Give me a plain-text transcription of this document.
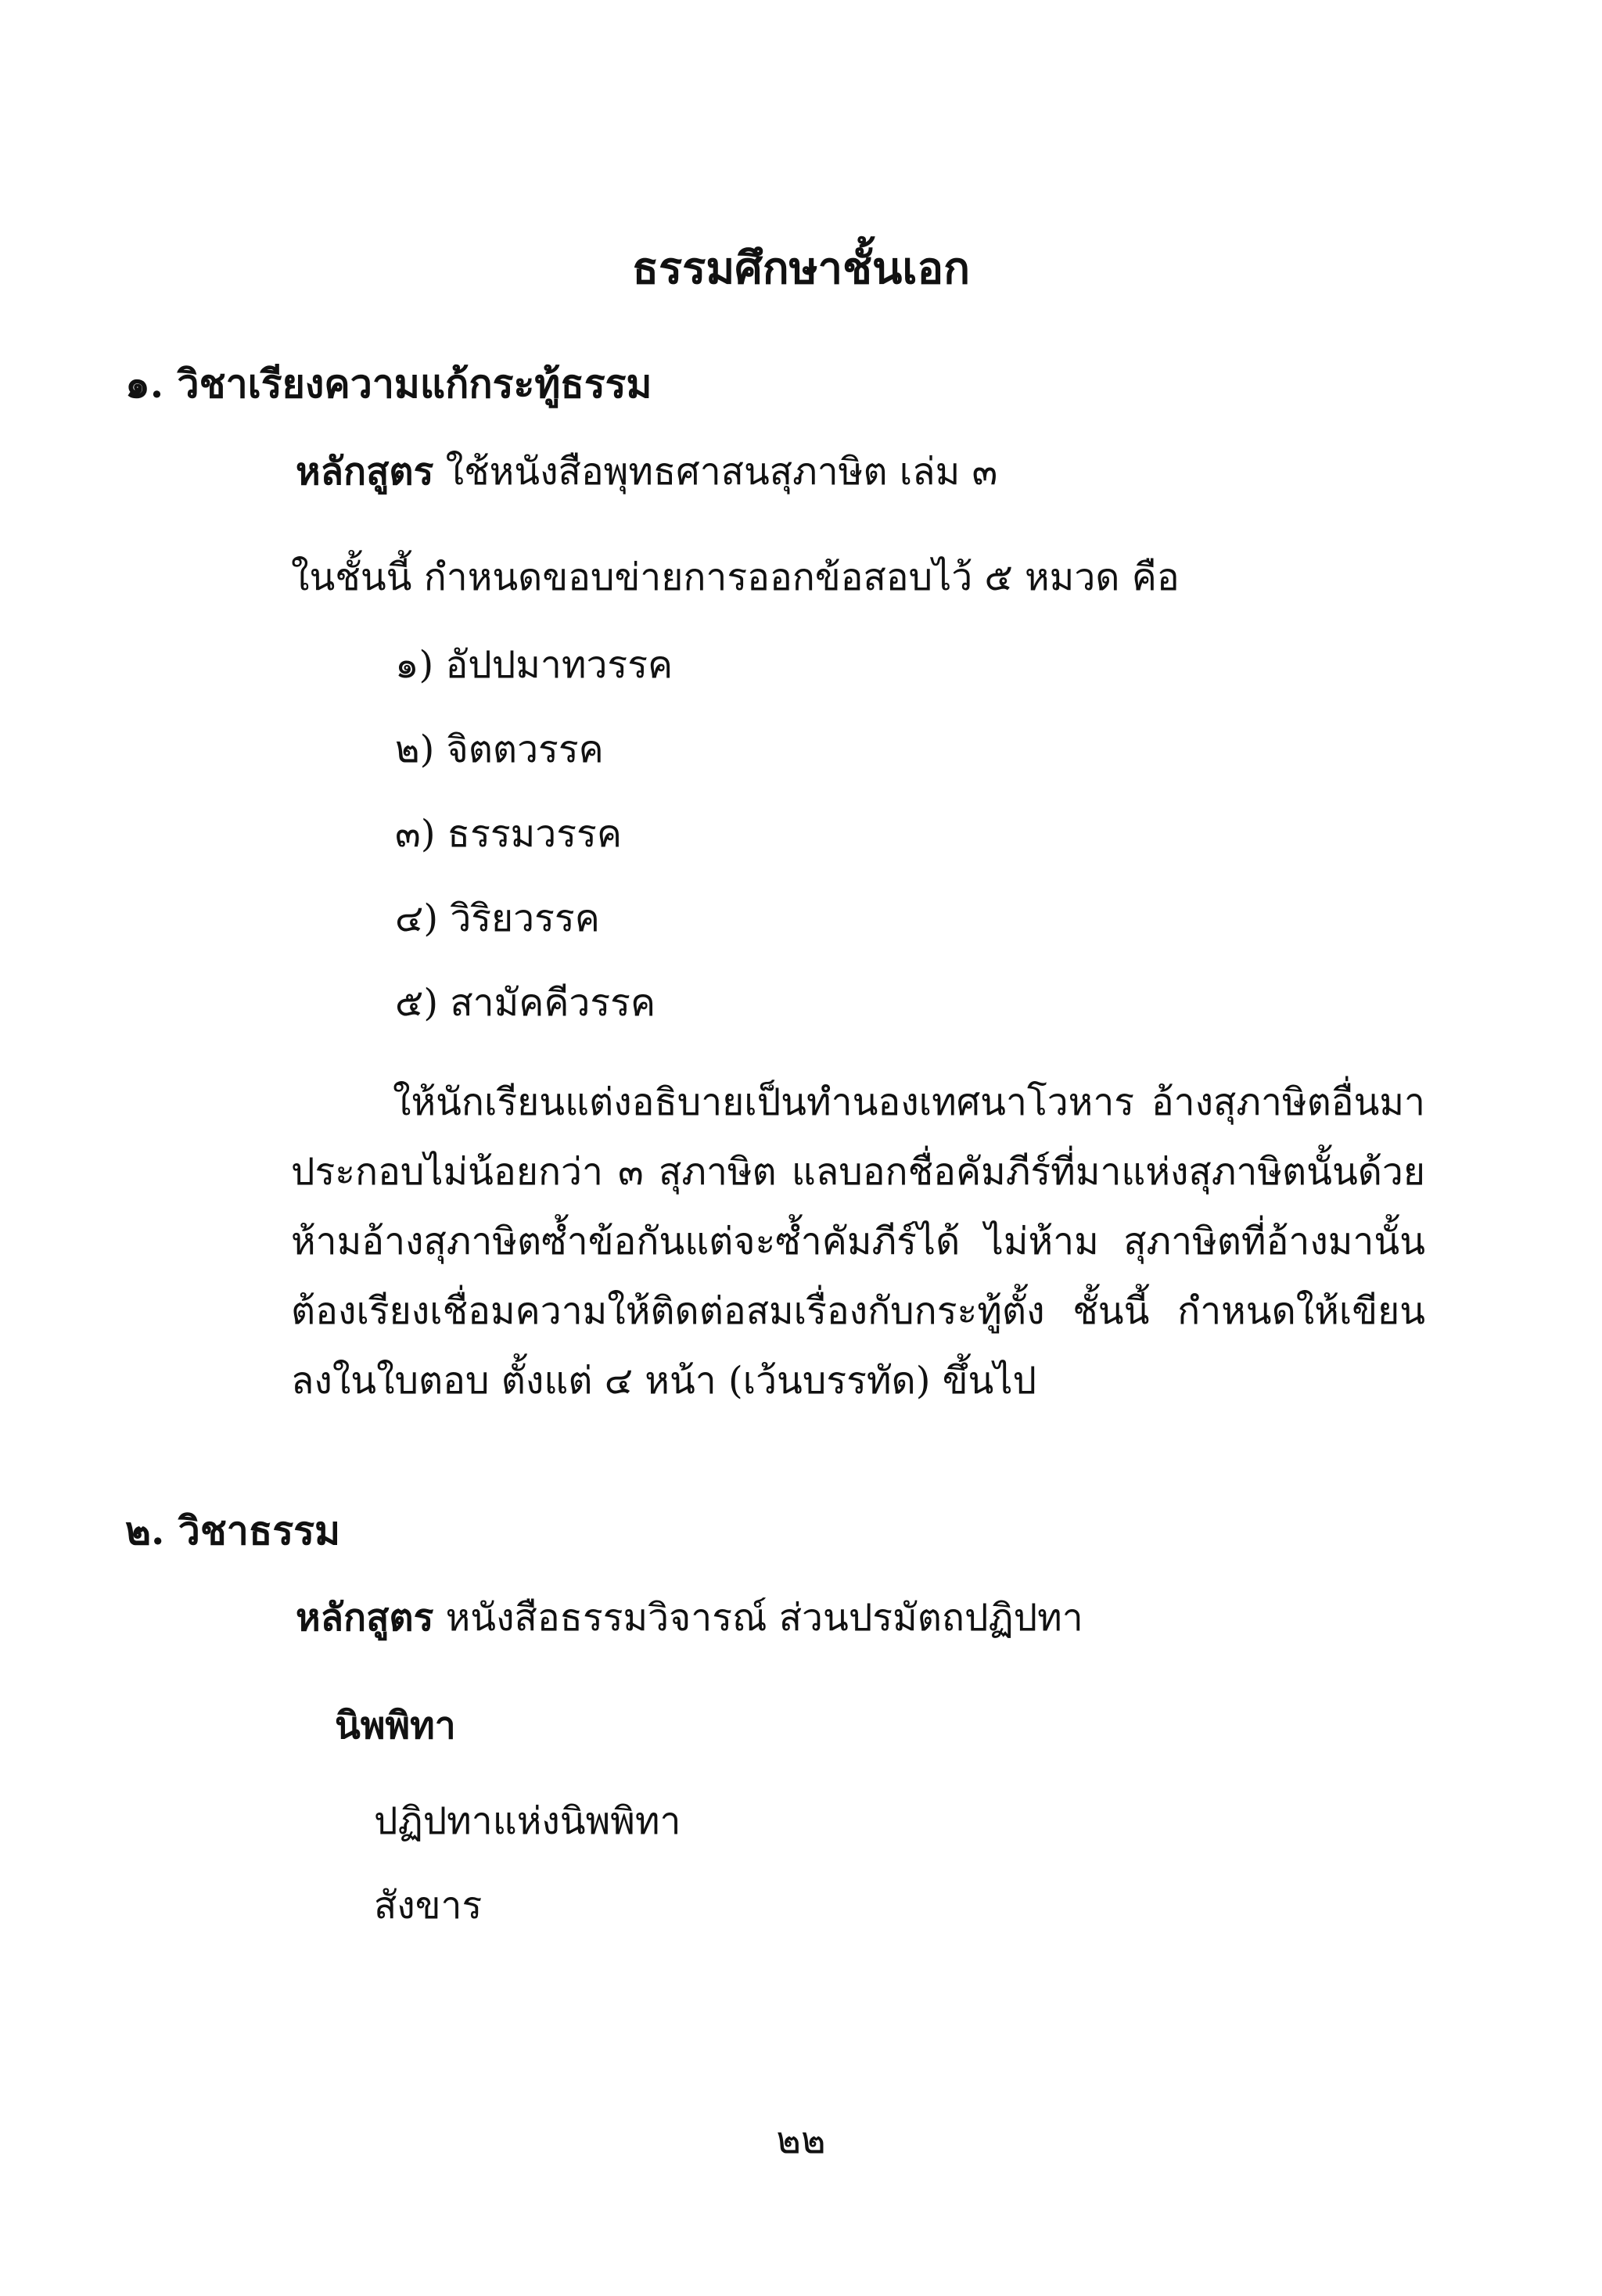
ธรรมศึกษาชั้นเอก
๑. วิชาเรียงความแก้กระทู้ธรรม
หลักสูตร ใช้หนังสือพุทธศาสนสุภาษิต เล่ม ๓
ในชั้นนี้ กำหนดขอบข่ายการออกข้อสอบไว้ ๕ หมวด คือ
๑) อัปปมาทวรรค
๒) จิตตวรรค
๓) ธรรมวรรค
๔) วิริยวรรค
๕) สามัคคีวรรค
ให้นักเรียนแต่งอธิบายเป็นทำนองเทศนาโวหาร อ้างสุภาษิตอื่นมาประกอบไม่น้อยกว่า ๓ สุภาษิต แลบอกชื่อคัมภีร์ที่มาแห่งสุภาษิตนั้นด้วย ห้ามอ้างสุภาษิตซ้ำข้อกันแต่จะซ้ำคัมภีร์ได้ ไม่ห้าม สุภาษิตที่อ้างมานั้น ต้องเรียงเชื่อมความให้ติดต่อสมเรื่องกับกระทู้ตั้ง ชั้นนี้ กำหนดให้เขียนลงในใบตอบ ตั้งแต่ ๔ หน้า (เว้นบรรทัด) ขึ้นไป
๒. วิชาธรรม
หลักสูตร หนังสือธรรมวิจารณ์ ส่วนปรมัตถปฏิปทา
นิพพิทา
ปฏิปทาแห่งนิพพิทา
สังขาร
๒๒
